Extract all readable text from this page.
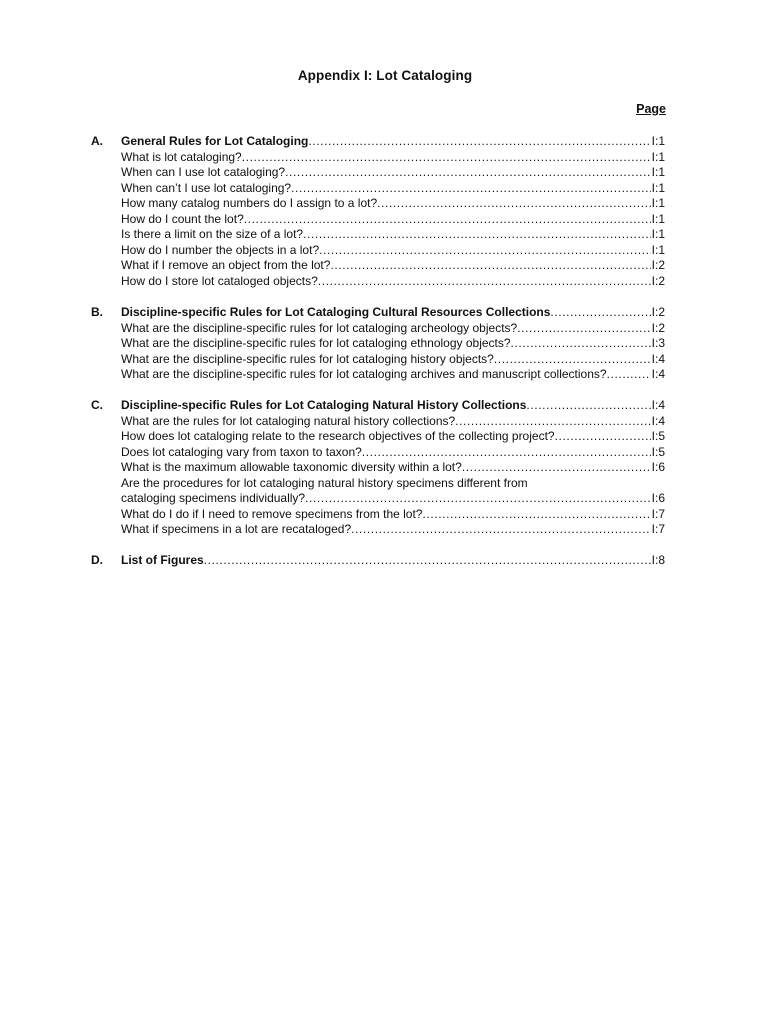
Appendix I: Lot Cataloging
Page
A. General Rules for Lot Cataloging .....	I:1
What is lot cataloging? .....	I:1
When can I use lot cataloging? .....	I:1
When can’t I use lot cataloging? .....	I:1
How many catalog numbers do I assign to a lot? .....	I:1
How do I count the lot? .....	I:1
Is there a limit on the size of a lot? .....	I:1
How do I number the objects in a lot? .....	I:1
What if I remove an object from the lot? .....	I:2
How do I store lot cataloged objects? .....	I:2
B. Discipline-specific Rules for Lot Cataloging Cultural Resources Collections .....	I:2
What are the discipline-specific rules for lot cataloging archeology objects? .....	I:2
What are the discipline-specific rules for lot cataloging ethnology objects? .....	I:3
What are the discipline-specific rules for lot cataloging history objects? .....	I:4
What are the discipline-specific rules for lot cataloging archives and manuscript collections? .....	I:4
C. Discipline-specific Rules for Lot Cataloging Natural History Collections .....	I:4
What are the rules for lot cataloging natural history collections? .....	I:4
How does lot cataloging relate to the research objectives of the collecting project? .....	I:5
Does lot cataloging vary from taxon to taxon? .....	I:5
What is the maximum allowable taxonomic diversity within a lot? .....	I:6
Are the procedures for lot cataloging natural history specimens different from
cataloging specimens individually? .....	I:6
What do I do if I need to remove specimens from the lot? .....	I:7
What if specimens in a lot are recataloged? .....	I:7
D. List of Figures .....	I:8
